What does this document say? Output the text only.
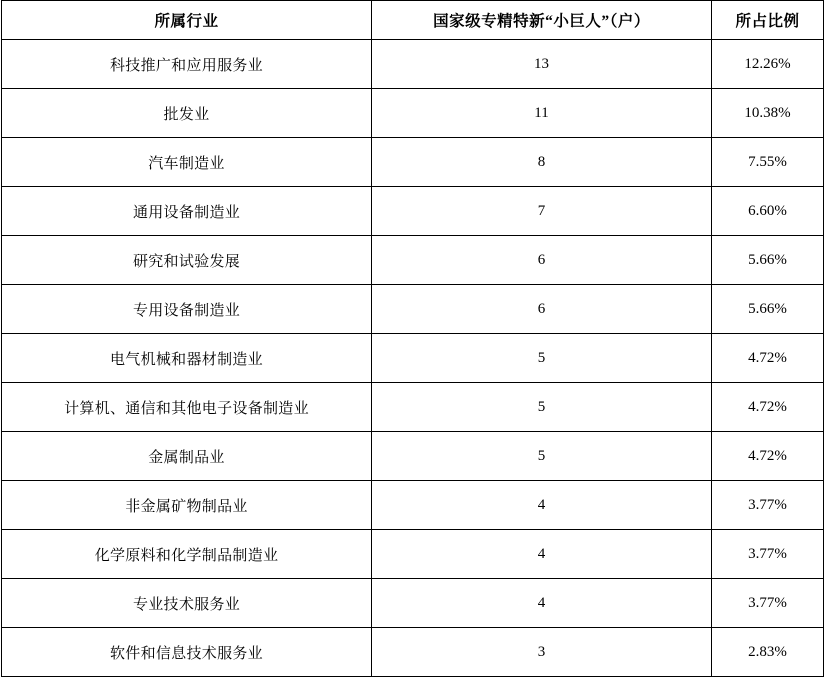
所属行业	国家级专精特新“小巨人”（户）	所占比例
科技推广和应用服务业	13	12.26%
批发业	11	10.38%
汽车制造业	8	7.55%
通用设备制造业	7	6.60%
研究和试验发展	6	5.66%
专用设备制造业	6	5.66%
电气机械和器材制造业	5	4.72%
计算机、通信和其他电子设备制造业	5	4.72%
金属制品业	5	4.72%
非金属矿物制品业	4	3.77%
化学原料和化学制品制造业	4	3.77%
专业技术服务业	4	3.77%
软件和信息技术服务业	3	2.83%
